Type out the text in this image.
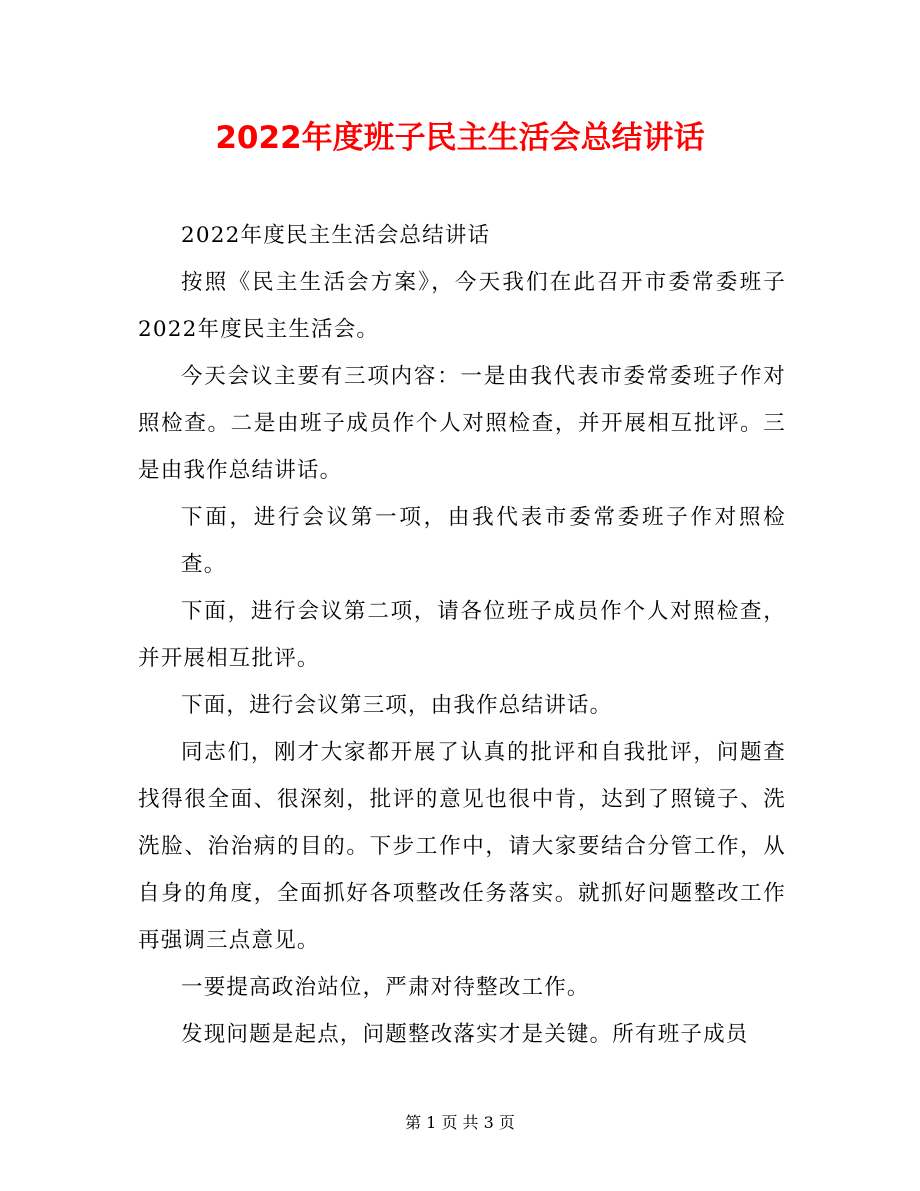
2022年度班子民主生活会总结讲话

2022年度民主生活会总结讲话

按照《民主生活会方案》，今天我们在此召开市委常委班子2022年度民主生活会。

今天会议主要有三项内容：一是由我代表市委常委班子作对照检查。二是由班子成员作个人对照检查，并开展相互批评。三是由我作总结讲话。

下面，进行会议第一项，由我代表市委常委班子作对照检查。

下面，进行会议第二项，请各位班子成员作个人对照检查，并开展相互批评。

下面，进行会议第三项，由我作总结讲话。

同志们，刚才大家都开展了认真的批评和自我批评，问题查找得很全面、很深刻，批评的意见也很中肯，达到了照镜子、洗洗脸、治治病的目的。下步工作中，请大家要结合分管工作，从自身的角度，全面抓好各项整改任务落实。就抓好问题整改工作再强调三点意见。

一要提高政治站位，严肃对待整改工作。

发现问题是起点，问题整改落实才是关键。所有班子成员

第 1 页 共 3 页
